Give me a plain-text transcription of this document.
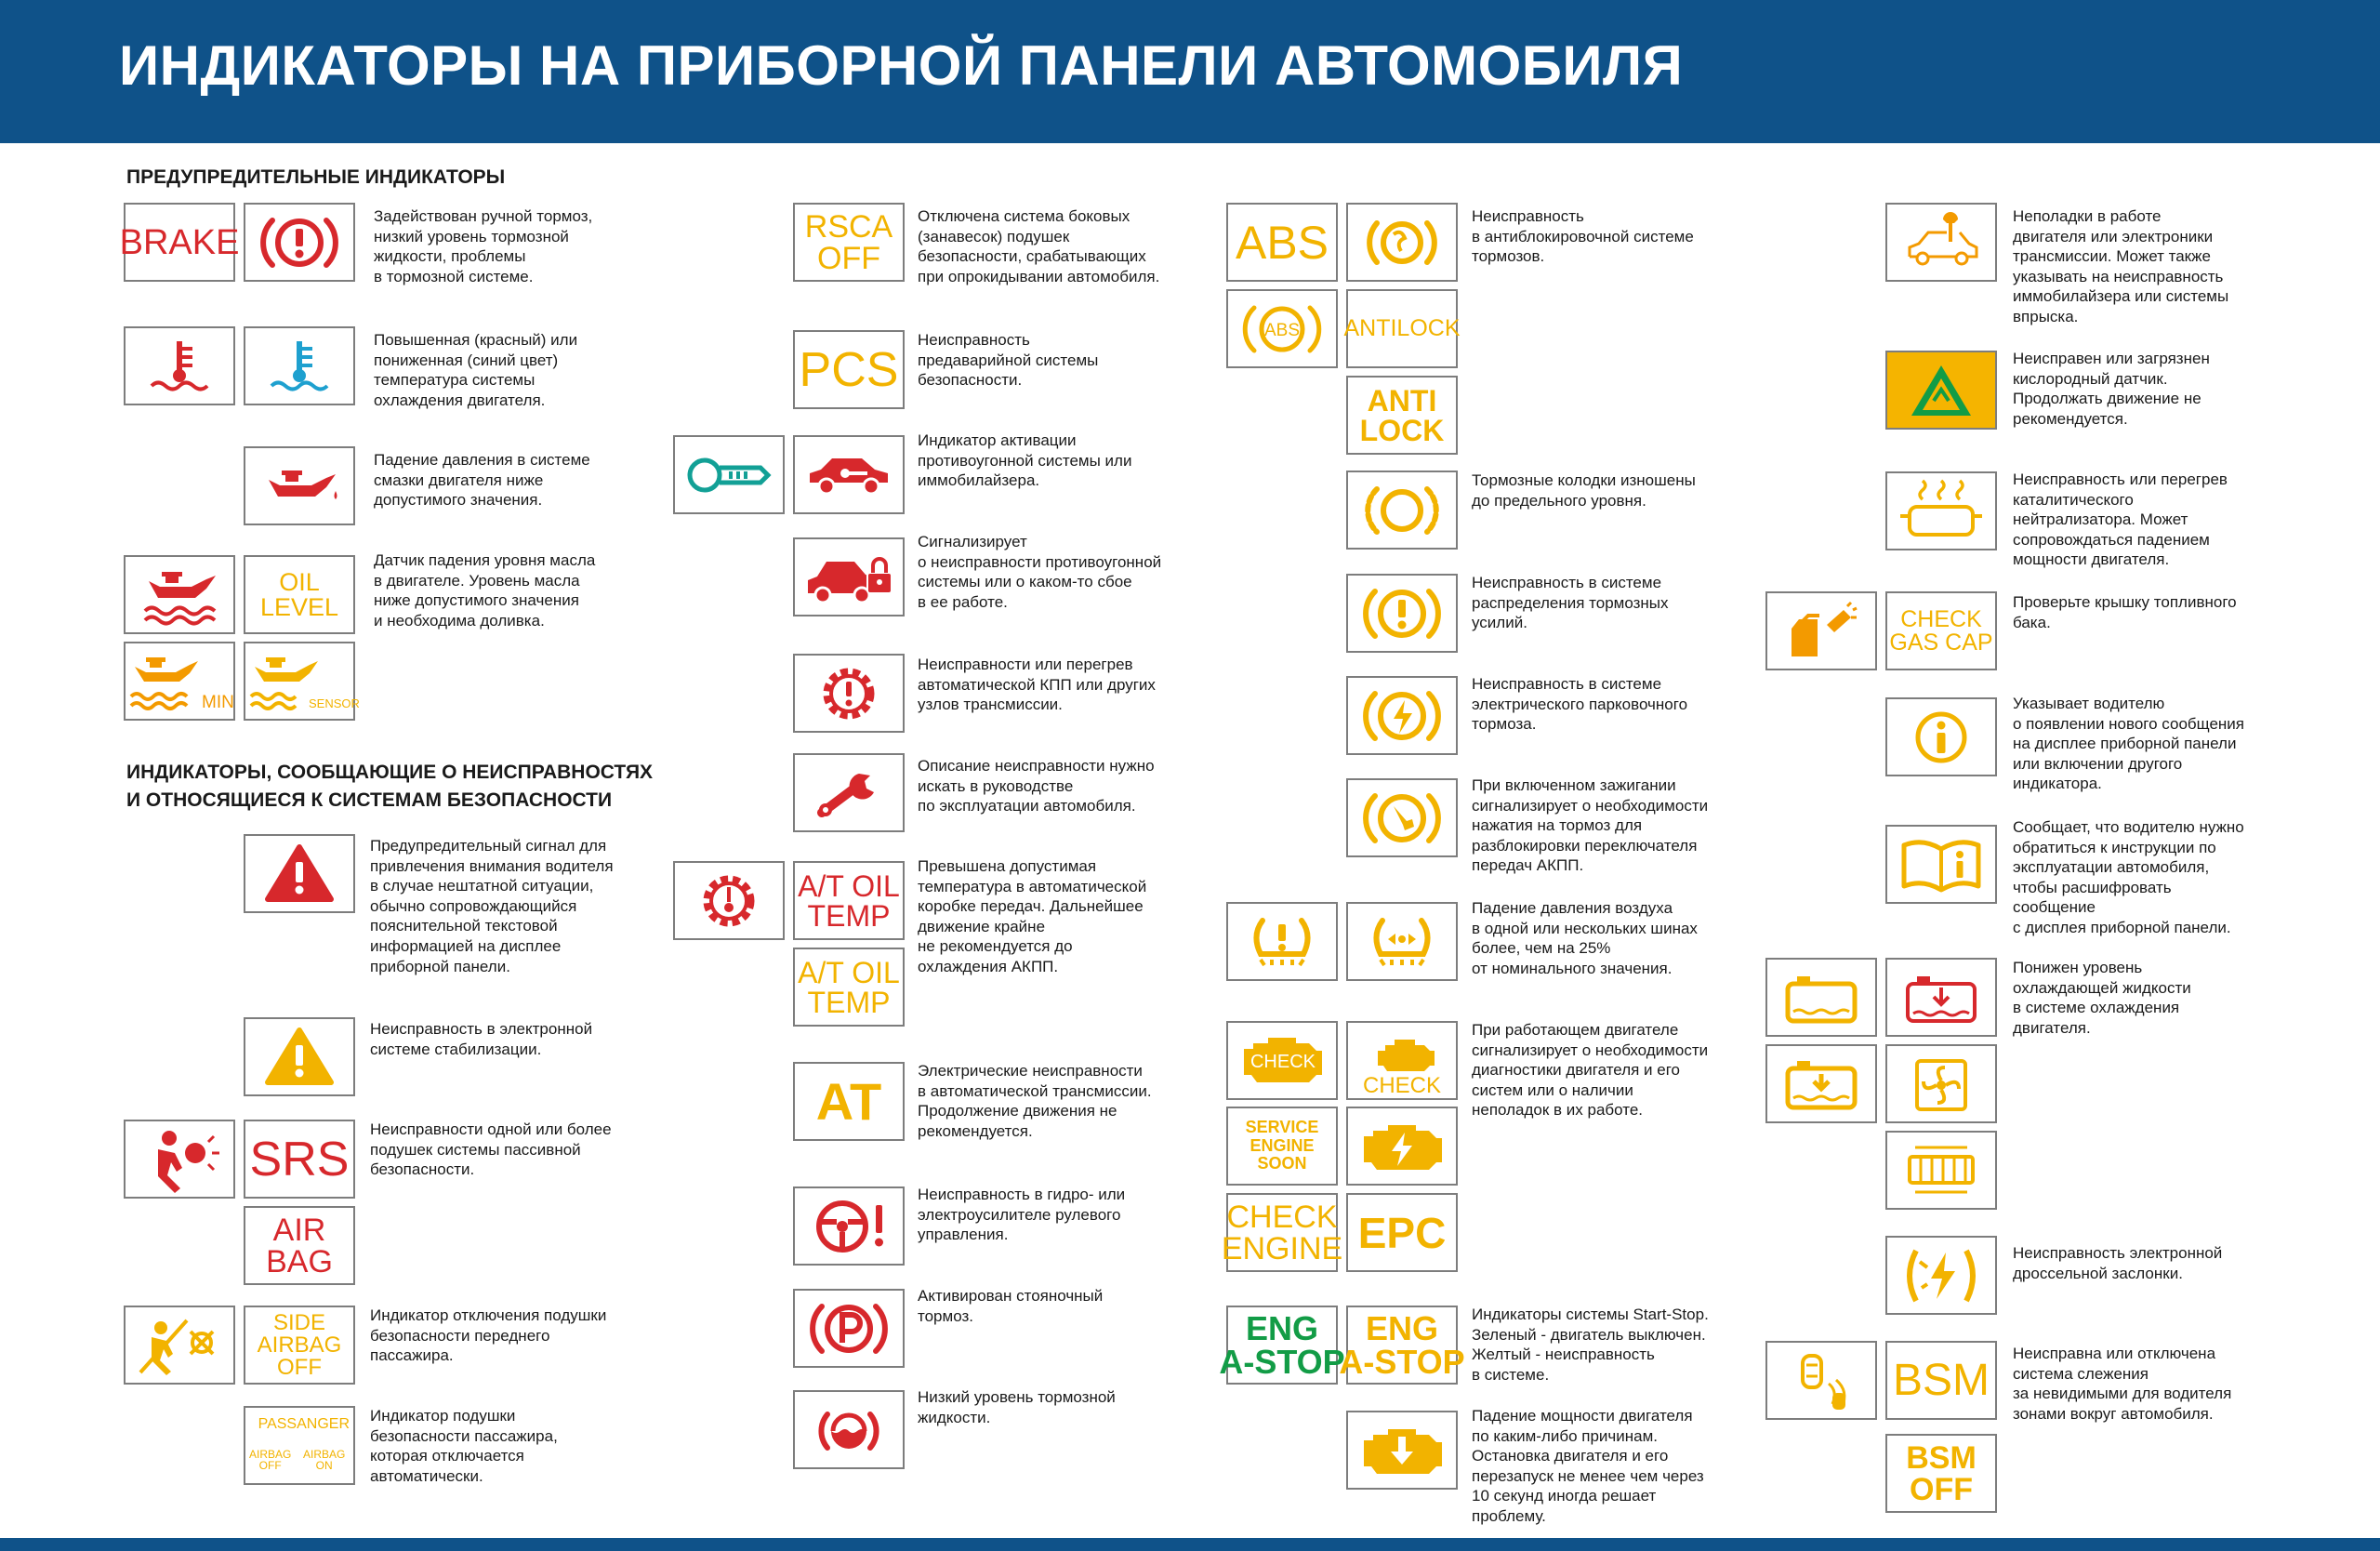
ИНДИКАТОРЫ НА ПРИБОРНОЙ ПАНЕЛИ АВТОМОБИЛЯ
ПРЕДУПРЕДИТЕЛЬНЫЕ ИНДИКАТОРЫ
BRAKE
Задействован ручной тормоз,
низкий уровень тормозной
жидкости, проблемы
в тормозной системе.
Повышенная (красный) или
пониженная (синий цвет)
температура системы
охлаждения двигателя.
Падение давления в системе
смазки двигателя ниже
допустимого значения.
OIL
LEVEL
Датчик падения уровня масла
в двигателе. Уровень масла
ниже допустимого значения
и необходима доливка.
MIN	SENSOR
ИНДИКАТОРЫ, СООБЩАЮЩИЕ О НЕИСПРАВНОСТЯХ
И ОТНОСЯЩИЕСЯ К СИСТЕМАМ БЕЗОПАСНОСТИ
Предупредительный сигнал для
привлечения внимания водителя
в случае нештатной ситуации,
обычно сопровождающийся
пояснительной текстовой
информацией на дисплее
приборной панели.
Неисправность в электронной
системе стабилизации.
SRS
Неисправности одной или более
подушек системы пассивной
безопасности.
AIR
BAG
SIDE
AIRBAG
OFF
Индикатор отключения подушки
безопасности переднего
пассажира.
PASSANGER
AIRBAG
OFF
AIRBAG
ON
Индикатор подушки
безопасности пассажира,
которая отключается
автоматически.
RSCA
OFF
Отключена система боковых
(занавесок) подушек
безопасности, срабатывающих
при опрокидывании автомобиля.
PCS
Неисправность
предаварийной системы
безопасности.
Индикатор активации
противоугонной системы или
иммобилайзера.
Сигнализирует
о неисправности противоугонной
системы или о каком-то сбое
в ее работе.
Неисправности или перегрев
автоматической КПП или других
узлов трансмиссии.
Описание неисправности нужно
искать в руководстве
по эксплуатации автомобиля.
A/T OIL
TEMP
A/T OIL
TEMP
Превышена допустимая
температура в автоматической
коробке передач. Дальнейшее
движение крайне
не рекомендуется до
охлаждения АКПП.
AT
Электрические неисправности
в автоматической трансмиссии.
Продолжение движения не
рекомендуется.
Неисправность в гидро- или
электроусилителе рулевого
управления.
Активирован стояночный
тормоз.
Низкий уровень тормозной
жидкости.
ABS	Неисправность
в антиблокировочной системе
тормозов.
ABS ANTILOCK
ANTI
LOCK
Тормозные колодки изношены
до предельного уровня.
Неисправность в системе
распределения тормозных
усилий.
Неисправность в системе
электрического парковочного
тормоза.
При включенном зажигании
сигнализирует о необходимости
нажатия на тормоз для
разблокировки переключателя
передач АКПП.
Падение давления воздуха
в одной или нескольких шинах
более, чем на 25%
от номинального значения.
CHECK
CHECK
При работающем двигателе
сигнализирует о необходимости
диагностики двигателя и его
систем или о наличии
неполадок в их работе.
SERVICE
ENGINE
SOON
CHECK
ENGINE EPC
ENG
A-STOP
ENG
A-STOP
Индикаторы системы Start-Stop.
Зеленый - двигатель выключен.
Желтый - неисправность
в системе.
Падение мощности двигателя
по каким-либо причинам.
Остановка двигателя и его
перезапуск не менее чем через
10 секунд иногда решает
проблему.
Неполадки в работе
двигателя или электроники
трансмиссии. Может также
указывать на неисправность
иммобилайзера или системы
впрыска.
Неисправен или загрязнен
кислородный датчик.
Продолжать движение не
рекомендуется.
Неисправность или перегрев
каталитического
нейтрализатора. Может
сопровождаться падением
мощности двигателя.
CHECK
GAS CAP
Проверьте крышку топливного
бака.
Указывает водителю
о появлении нового сообщения
на дисплее приборной панели
или включении другого
индикатора.
Сообщает, что водителю нужно
обратиться к инструкции по
эксплуатации автомобиля,
чтобы расшифровать
сообщение
с дисплея приборной панели.
Понижен уровень
охлаждающей жидкости
в системе охлаждения
двигателя.
Неисправность электронной
дроссельной заслонки.
BSM
Неисправна или отключена
система слежения
за невидимыми для водителя
зонами вокруг автомобиля.
BSM
OFF
